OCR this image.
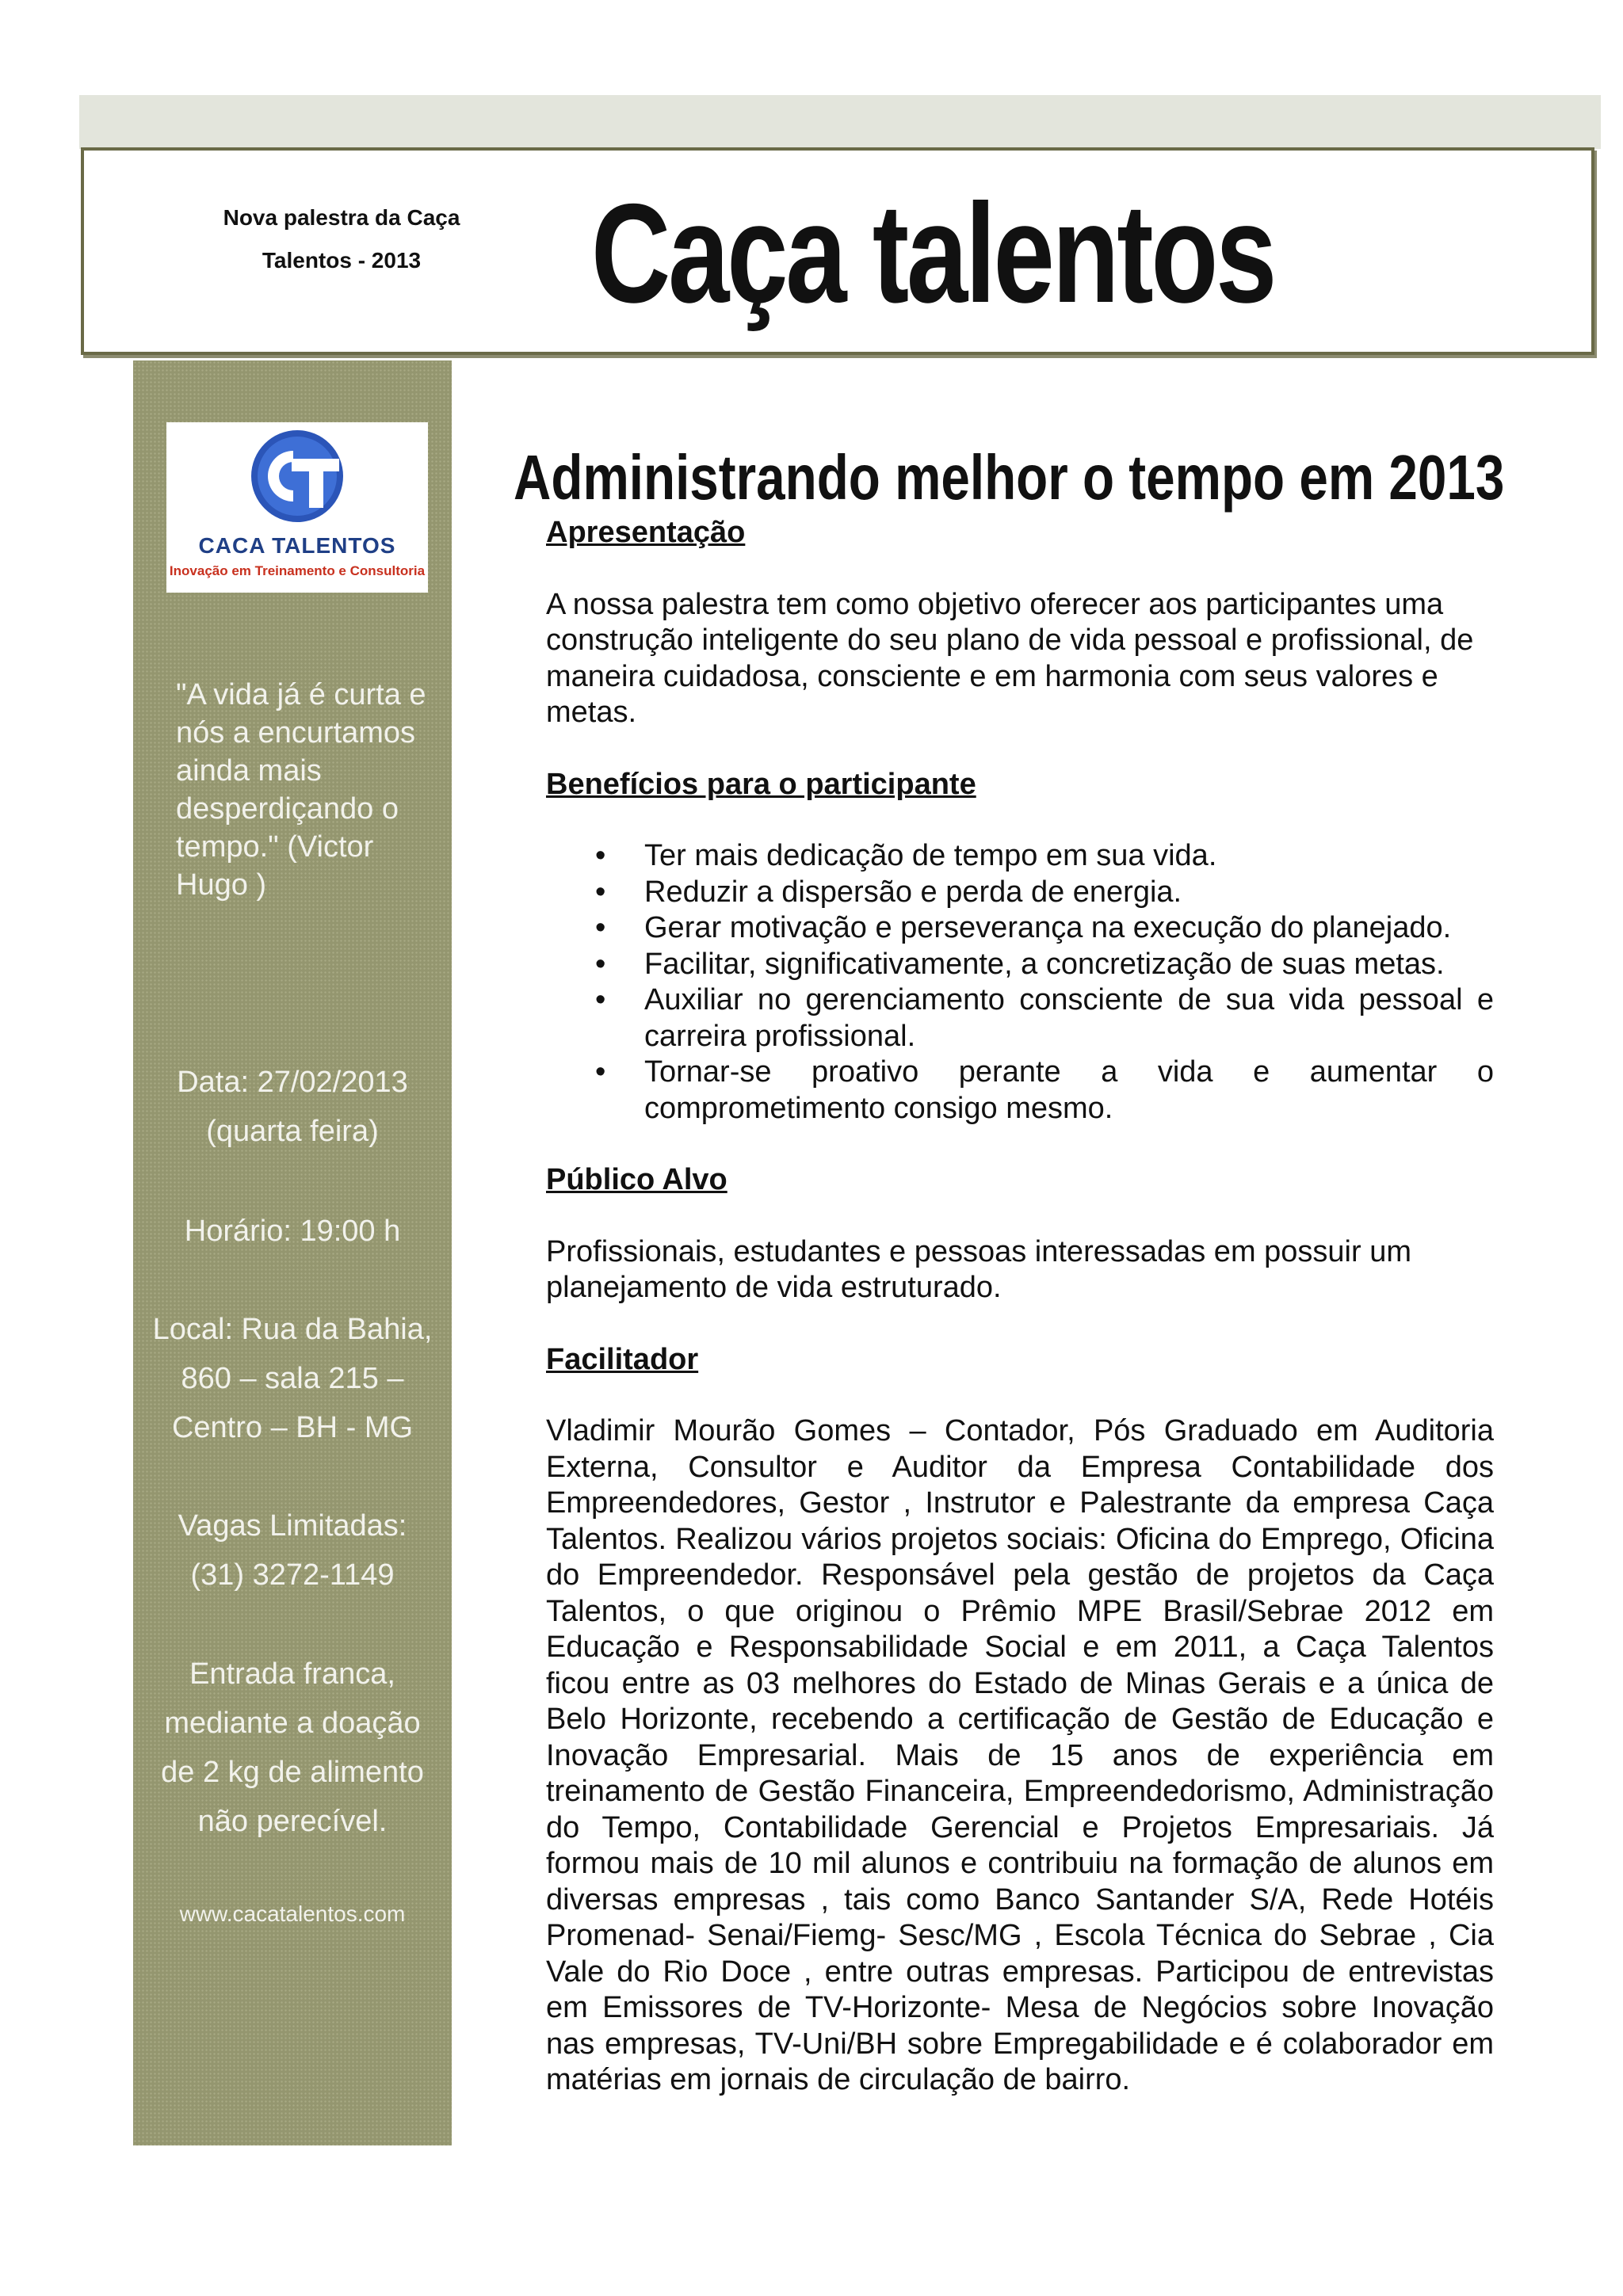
Nova palestra da Caça
Talentos - 2013	Caça talentos
CACA TALENTOS
Inovação em Treinamento e Consultoria
"A vida já é curta e nós a encurtamos ainda mais desperdiçando o tempo." (Victor Hugo )
Data: 27/02/2013
(quarta feira)
Horário: 19:00 h
Local: Rua da Bahia,
860 – sala 215 –
Centro – BH - MG
Vagas Limitadas:
(31) 3272-1149
Entrada franca,
mediante a doação
de 2 kg de alimento
não perecível.
www.cacatalentos.com
Administrando melhor o tempo em 2013
Apresentação

A nossa palestra tem como objetivo oferecer aos participantes uma construção inteligente do seu plano de vida pessoal e profissional, de maneira cuidadosa, consciente e em harmonia com seus valores e metas.

Benefícios para o participante
• Ter mais dedicação de tempo em sua vida.
• Reduzir a dispersão e perda de energia.
• Gerar motivação e perseverança na execução do planejado.
• Facilitar, significativamente, a concretização de suas metas.
• Auxiliar no gerenciamento consciente de sua vida pessoal e carreira profissional.
• Tornar-se proativo perante a vida e aumentar o comprometimento consigo mesmo.
Público Alvo

Profissionais, estudantes e pessoas interessadas em possuir um planejamento de vida estruturado.

Facilitador

Vladimir Mourão Gomes – Contador, Pós Graduado em Auditoria Externa, Consultor e Auditor da Empresa Contabilidade dos Empreendedores, Gestor , Instrutor e Palestrante da empresa Caça Talentos. Realizou vários projetos sociais: Oficina do Emprego, Oficina do Empreendedor. Responsável pela gestão de projetos da Caça Talentos, o que originou o Prêmio MPE Brasil/Sebrae 2012 em Educação e Responsabilidade Social e em 2011, a Caça Talentos ficou entre as 03 melhores do Estado de Minas Gerais e a única de Belo Horizonte, recebendo a certificação de Gestão de Educação e Inovação Empresarial. Mais de 15 anos de experiência em treinamento de Gestão Financeira, Empreendedorismo, Administração do Tempo, Contabilidade Gerencial e Projetos Empresariais. Já formou mais de 10 mil alunos e contribuiu na formação de alunos em diversas empresas , tais como Banco Santander S/A, Rede Hotéis Promenad- Senai/Fiemg- Sesc/MG , Escola Técnica do Sebrae , Cia Vale do Rio Doce , entre outras empresas. Participou de entrevistas em Emissores de TV-Horizonte- Mesa de Negócios sobre Inovação nas empresas, TV-Uni/BH sobre Empregabilidade e é colaborador em matérias em jornais de circulação de bairro.
